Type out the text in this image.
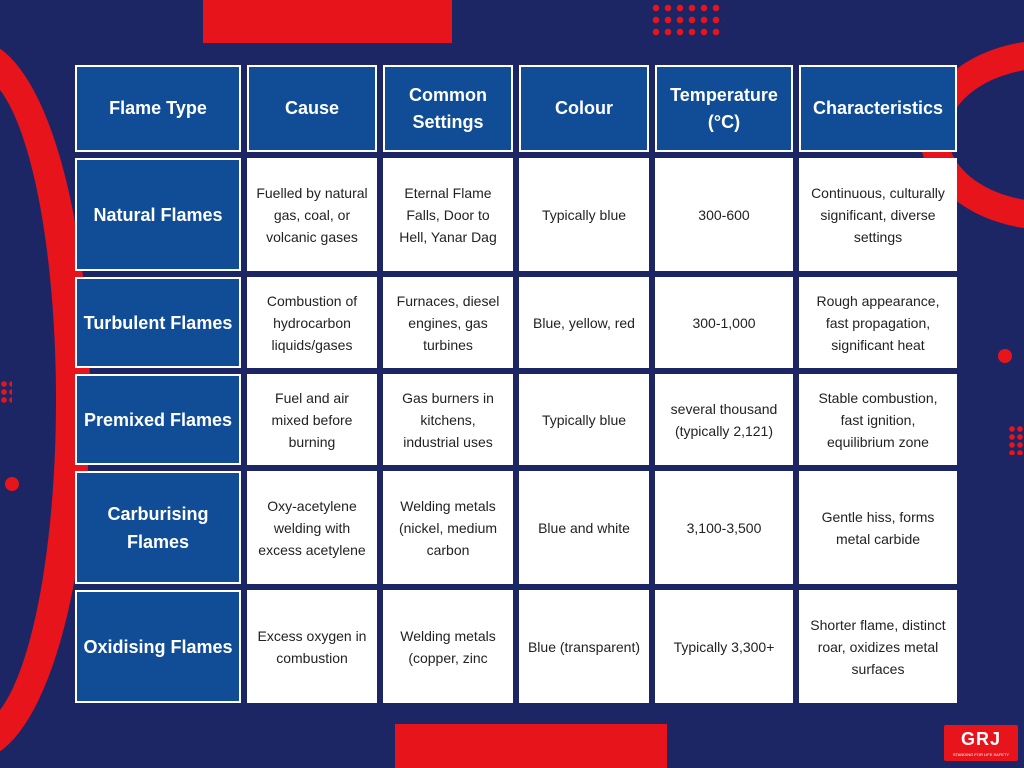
Flame Type	Cause	Common Settings	Colour	Temperature (°C)	Characteristics
Natural Flames	Fuelled by natural gas, coal, or volcanic gases	Eternal Flame Falls, Door to Hell, Yanar Dag	Typically blue	300-600	Continuous, culturally significant, diverse settings
Turbulent Flames	Combustion of hydrocarbon liquids/gases	Furnaces, diesel engines, gas turbines	Blue, yellow, red	300-1,000	Rough appearance, fast propagation, significant heat
Premixed Flames	Fuel and air mixed before burning	Gas burners in kitchens, industrial uses	Typically blue	several thousand (typically 2,121)	Stable combustion, fast ignition, equilibrium zone
Carburising Flames	Oxy-acetylene welding with excess acetylene	Welding metals (nickel, medium carbon	Blue and white	3,100-3,500	Gentle hiss, forms metal carbide
Oxidising Flames	Excess oxygen in combustion	Welding metals (copper, zinc	Blue (transparent)	Typically 3,300+	Shorter flame, distinct roar, oxidizes metal surfaces
GRJ
STANDING FOR LIFE SAFETY
